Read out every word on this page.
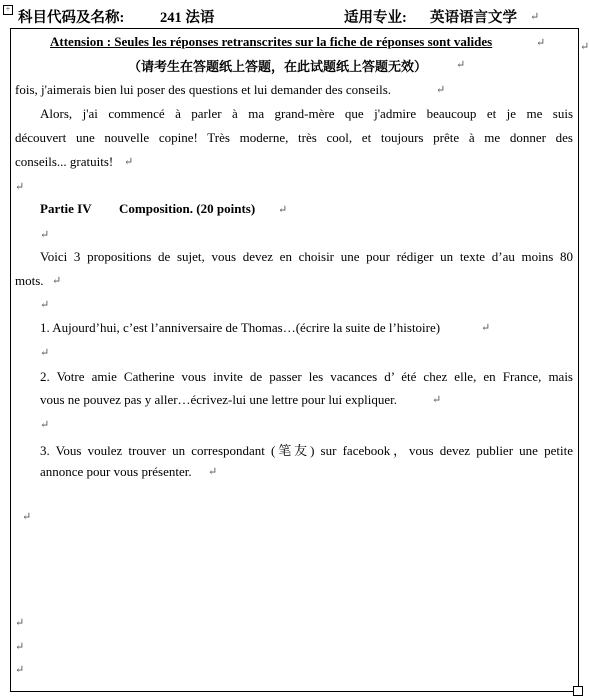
+
科目代码及名称: 241 法语	适用专业: 英语语言文学 ↵
↵
Attension : Seules les réponses retranscrites sur la fiche de réponses sont valides	↵
（请考生在答题纸上答题，在此试题纸上答题无效）	↵
fois, j'aimerais bien lui poser des questions et lui demander des conseils.	↵
Alors, j'ai commencé à parler à ma grand-mère que j'admire beaucoup et je me suis
découvert une nouvelle copine! Très moderne, très cool, et toujours prête à me donner des
conseils... gratuits! ↵
↵
Partie IV Composition. (20 points) ↵
↵
Voici 3 propositions de sujet, vous devez en choisir une pour rédiger un texte d’au moins 80
mots. ↵
↵
1. Aujourd’hui, c’est l’anniversaire de Thomas…(écrire la suite de l’histoire)	↵
↵
2. Votre amie Catherine vous invite de passer les vacances d’ été chez elle, en France, mais
vous ne pouvez pas y aller…écrivez-lui une lettre pour lui expliquer.	↵
↵
3. Vous voulez trouver un correspondant (笔友) sur facebook，vous devez publier une petite
annonce pour vous présenter. ↵
↵
↵
↵
↵
